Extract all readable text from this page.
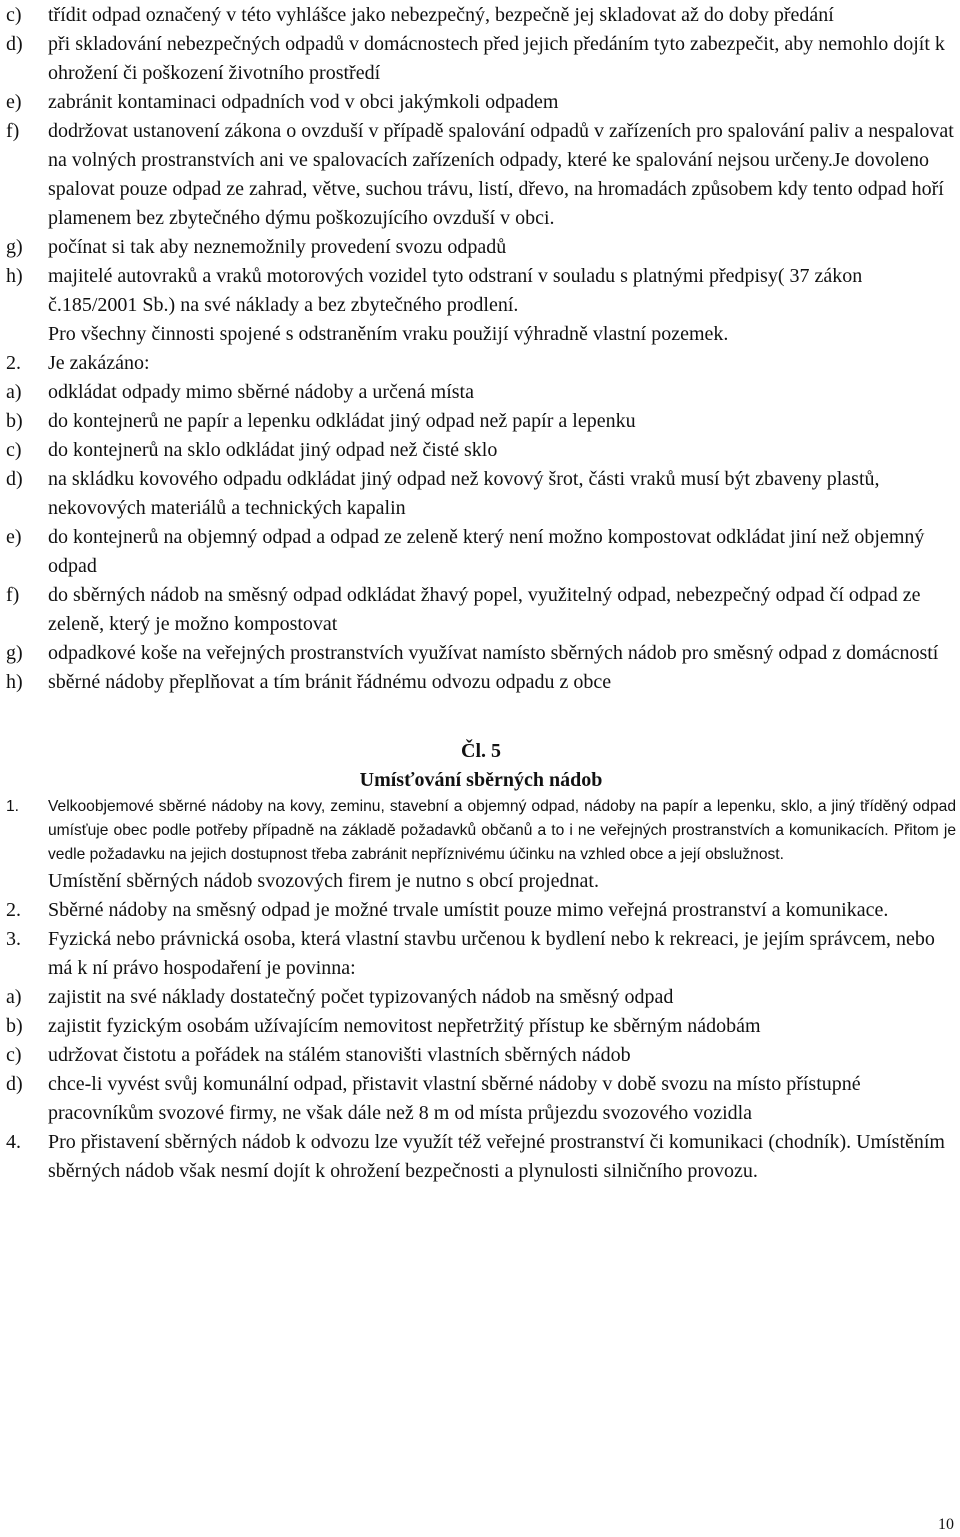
c)	třídit odpad označený v této vyhlášce jako nebezpečný, bezpečně jej skladovat až do doby předání
d)	při skladování nebezpečných odpadů v domácnostech před jejich předáním tyto zabezpečit, aby nemohlo dojít k ohrožení či poškození životního prostředí
e)	zabránit kontaminaci odpadních vod v obci jakýmkoli odpadem
f)	dodržovat ustanovení zákona o ovzduší v případě spalování odpadů v zařízeních pro spalování paliv a nespalovat na volných prostranstvích ani ve spalovacích zařízeních odpady, které ke spalování nejsou určeny.Je dovoleno spalovat pouze odpad ze zahrad, větve, suchou trávu, listí, dřevo, na hromadách způsobem kdy tento odpad hoří plamenem bez zbytečného dýmu poškozujícího ovzduší v obci.
g)	počínat si tak aby neznemožnily provedení svozu odpadů
h)	majitelé autovraků a vraků motorových vozidel tyto odstraní v souladu s platnými předpisy( 37 zákon č.185/2001 Sb.) na své náklady a bez zbytečného prodlení.
Pro všechny činnosti spojené s odstraněním vraku použijí výhradně vlastní pozemek.
2.	Je zakázáno:
a)	odkládat odpady mimo sběrné nádoby a určená místa
b)	do kontejnerů ne papír a lepenku odkládat jiný odpad než papír a lepenku
c)	do kontejnerů na sklo odkládat jiný odpad než čisté sklo
d)	na skládku kovového odpadu odkládat jiný odpad než kovový šrot, části vraků musí být zbaveny plastů, nekovových materiálů a technických kapalin
e)	do kontejnerů na objemný odpad a odpad ze zeleně který není možno kompostovat odkládat jiní než objemný odpad
f)	do sběrných nádob na směsný odpad odkládat žhavý popel, využitelný odpad, nebezpečný odpad čí odpad ze zeleně, který je možno kompostovat
g)	odpadkové koše na veřejných prostranstvích využívat namísto sběrných nádob pro směsný odpad z domácností
h)	sběrné nádoby přeplňovat a tím bránit řádnému odvozu odpadu z obce
Čl. 5
Umísťování sběrných nádob
1.	Velkoobjemové sběrné nádoby na kovy, zeminu, stavební a objemný odpad, nádoby na papír a lepenku, sklo, a jiný tříděný odpad umísťuje obec podle potřeby případně na základě požadavků občanů a to i ne veřejných prostranstvích a komunikacích. Přitom je vedle požadavku na jejich dostupnost třeba zabránit nepříznivému účinku na vzhled obce a její obslužnost.
Umístění sběrných nádob svozových firem je nutno s obcí projednat.
2.	Sběrné nádoby na směsný odpad je možné trvale umístit pouze mimo veřejná prostranství a komunikace.
3.	Fyzická nebo právnická osoba, která vlastní stavbu určenou k bydlení nebo k rekreaci, je jejím správcem, nebo má k ní právo hospodaření je povinna:
a)	zajistit na své náklady dostatečný počet typizovaných nádob na směsný odpad
b)	zajistit fyzickým osobám užívajícím nemovitost nepřetržitý přístup ke sběrným nádobám
c)	udržovat čistotu a pořádek na stálém stanovišti vlastních sběrných nádob
d)	chce-li vyvést svůj komunální odpad, přistavit vlastní sběrné nádoby v době svozu na místo přístupné pracovníkům svozové firmy, ne však dále než 8 m od místa průjezdu svozového vozidla
4.	Pro přistavení sběrných nádob k odvozu lze využít též veřejné prostranství či komunikaci (chodník). Umístěním sběrných nádob však nesmí dojít k ohrožení bezpečnosti a plynulosti silničního provozu.
10
